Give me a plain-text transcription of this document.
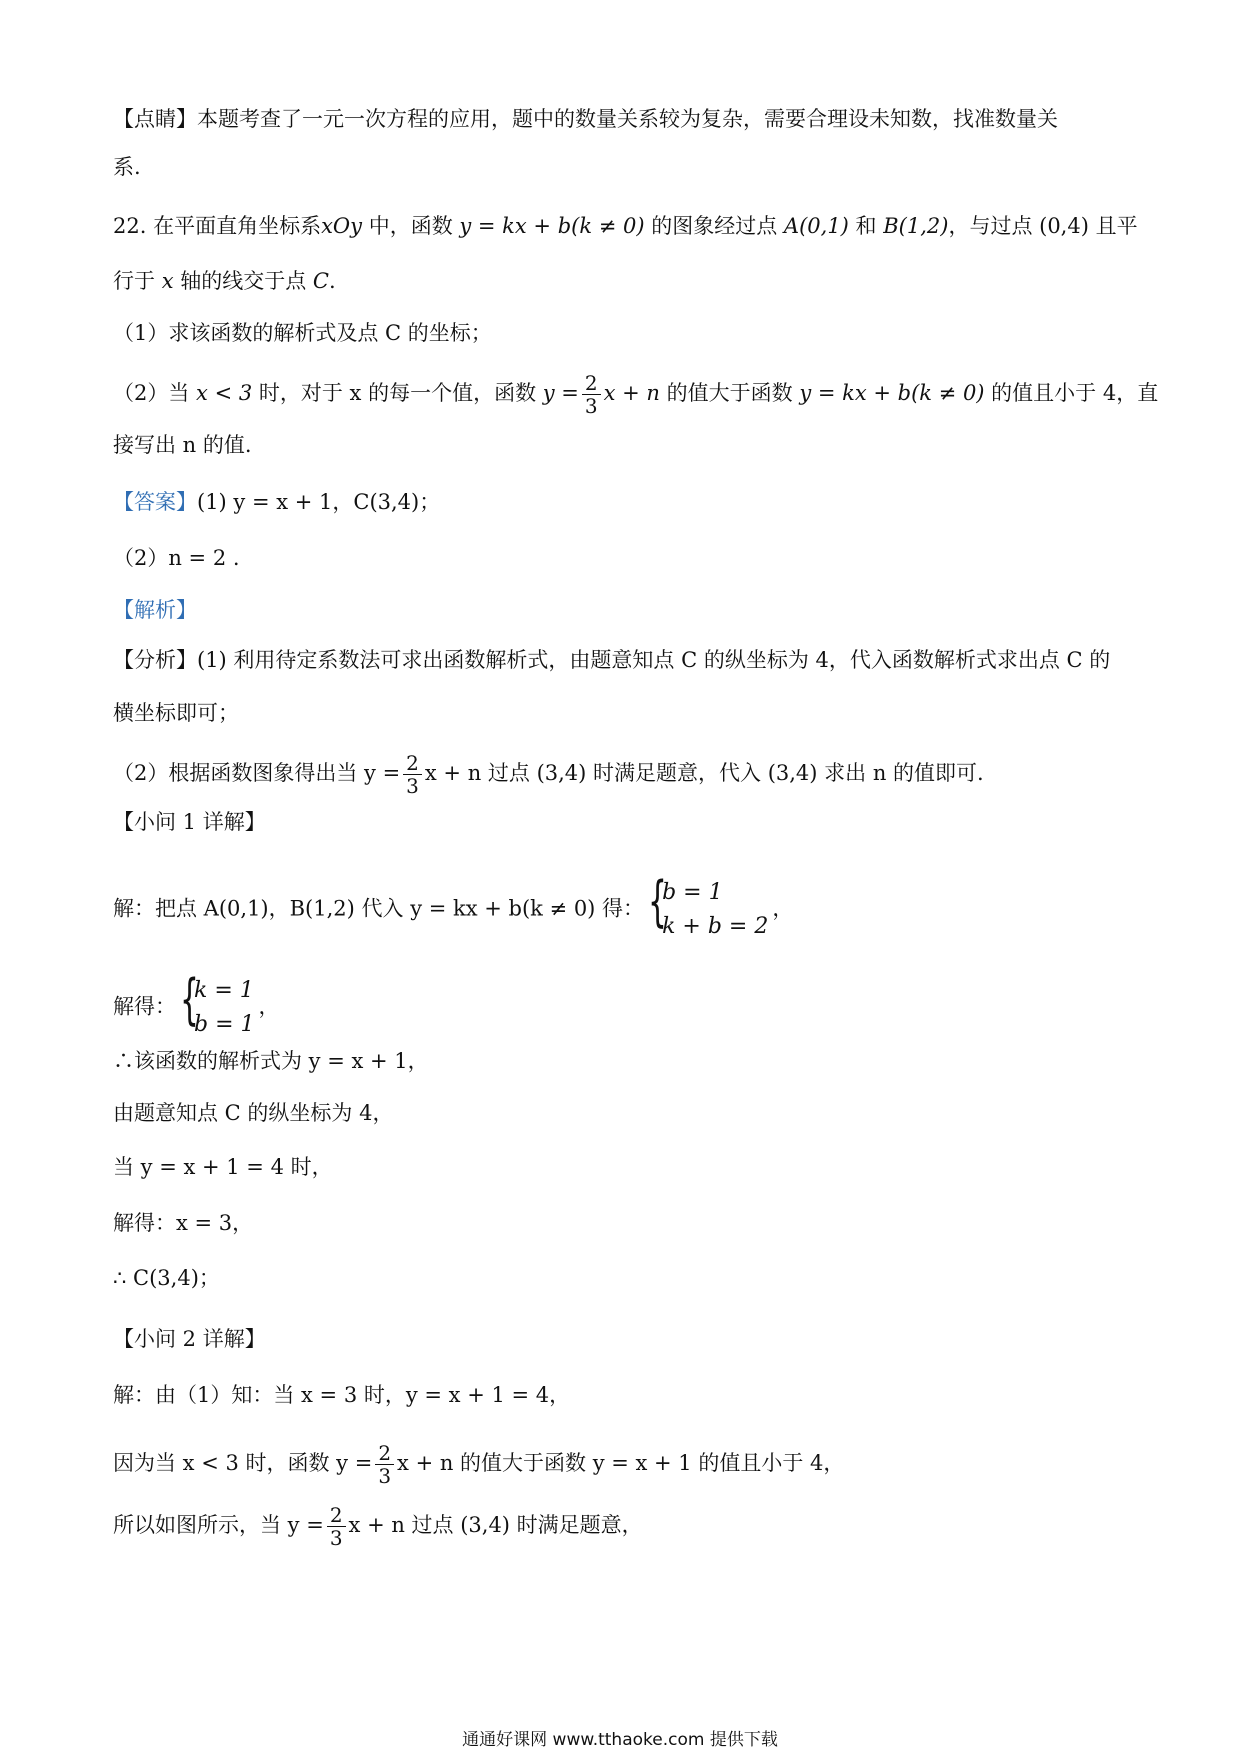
【点睛】本题考查了一元一次方程的应用，题中的数量关系较为复杂，需要合理设未知数，找准数量关
系.
22. 在平面直角坐标系xOy 中，函数 y = kx + b(k ≠ 0) 的图象经过点 A(0,1) 和 B(1,2)，与过点 (0,4) 且平
行于 x 轴的线交于点 C.
（1）求该函数的解析式及点 C 的坐标；
（2）当 x < 3 时，对于 x 的每一个值，函数 $y = \frac{2}{3}$ x + n 的值大于函数 y = kx + b(k ≠ 0) 的值且小于 4，直
接写出 n 的值.
【答案】(1) y = x + 1，C(3,4)；
（2）n = 2 .
【解析】
【分析】(1) 利用待定系数法可求出函数解析式，由题意知点 C 的纵坐标为 4，代入函数解析式求出点 C 的
横坐标即可；
（2）根据函数图象得出当 $y = \frac{2}{3}$ x + n 过点 (3,4) 时满足题意，代入 (3,4) 求出 n 的值即可.
【小问 1 详解】
解：把点 A(0,1)，B(1,2) 代入 y = kx + b(k ≠ 0) 得： {
b = 1
k + b = 2
，
解得： {
k = 1
b = 1
，
∴该函数的解析式为 y = x + 1，
由题意知点 C 的纵坐标为 4，
当 y = x + 1 = 4 时，
解得：x = 3，
∴ C(3,4)；
【小问 2 详解】
解：由（1）知：当 x = 3 时，y = x + 1 = 4，
因为当 x < 3 时，函数 $y = \frac{2}{3}$ x + n 的值大于函数 y = x + 1 的值且小于 4，
所以如图所示，当 $y = \frac{2}{3}$ x + n 过点 (3,4) 时满足题意，
通通好课网 www.tthaoke.com 提供下载
